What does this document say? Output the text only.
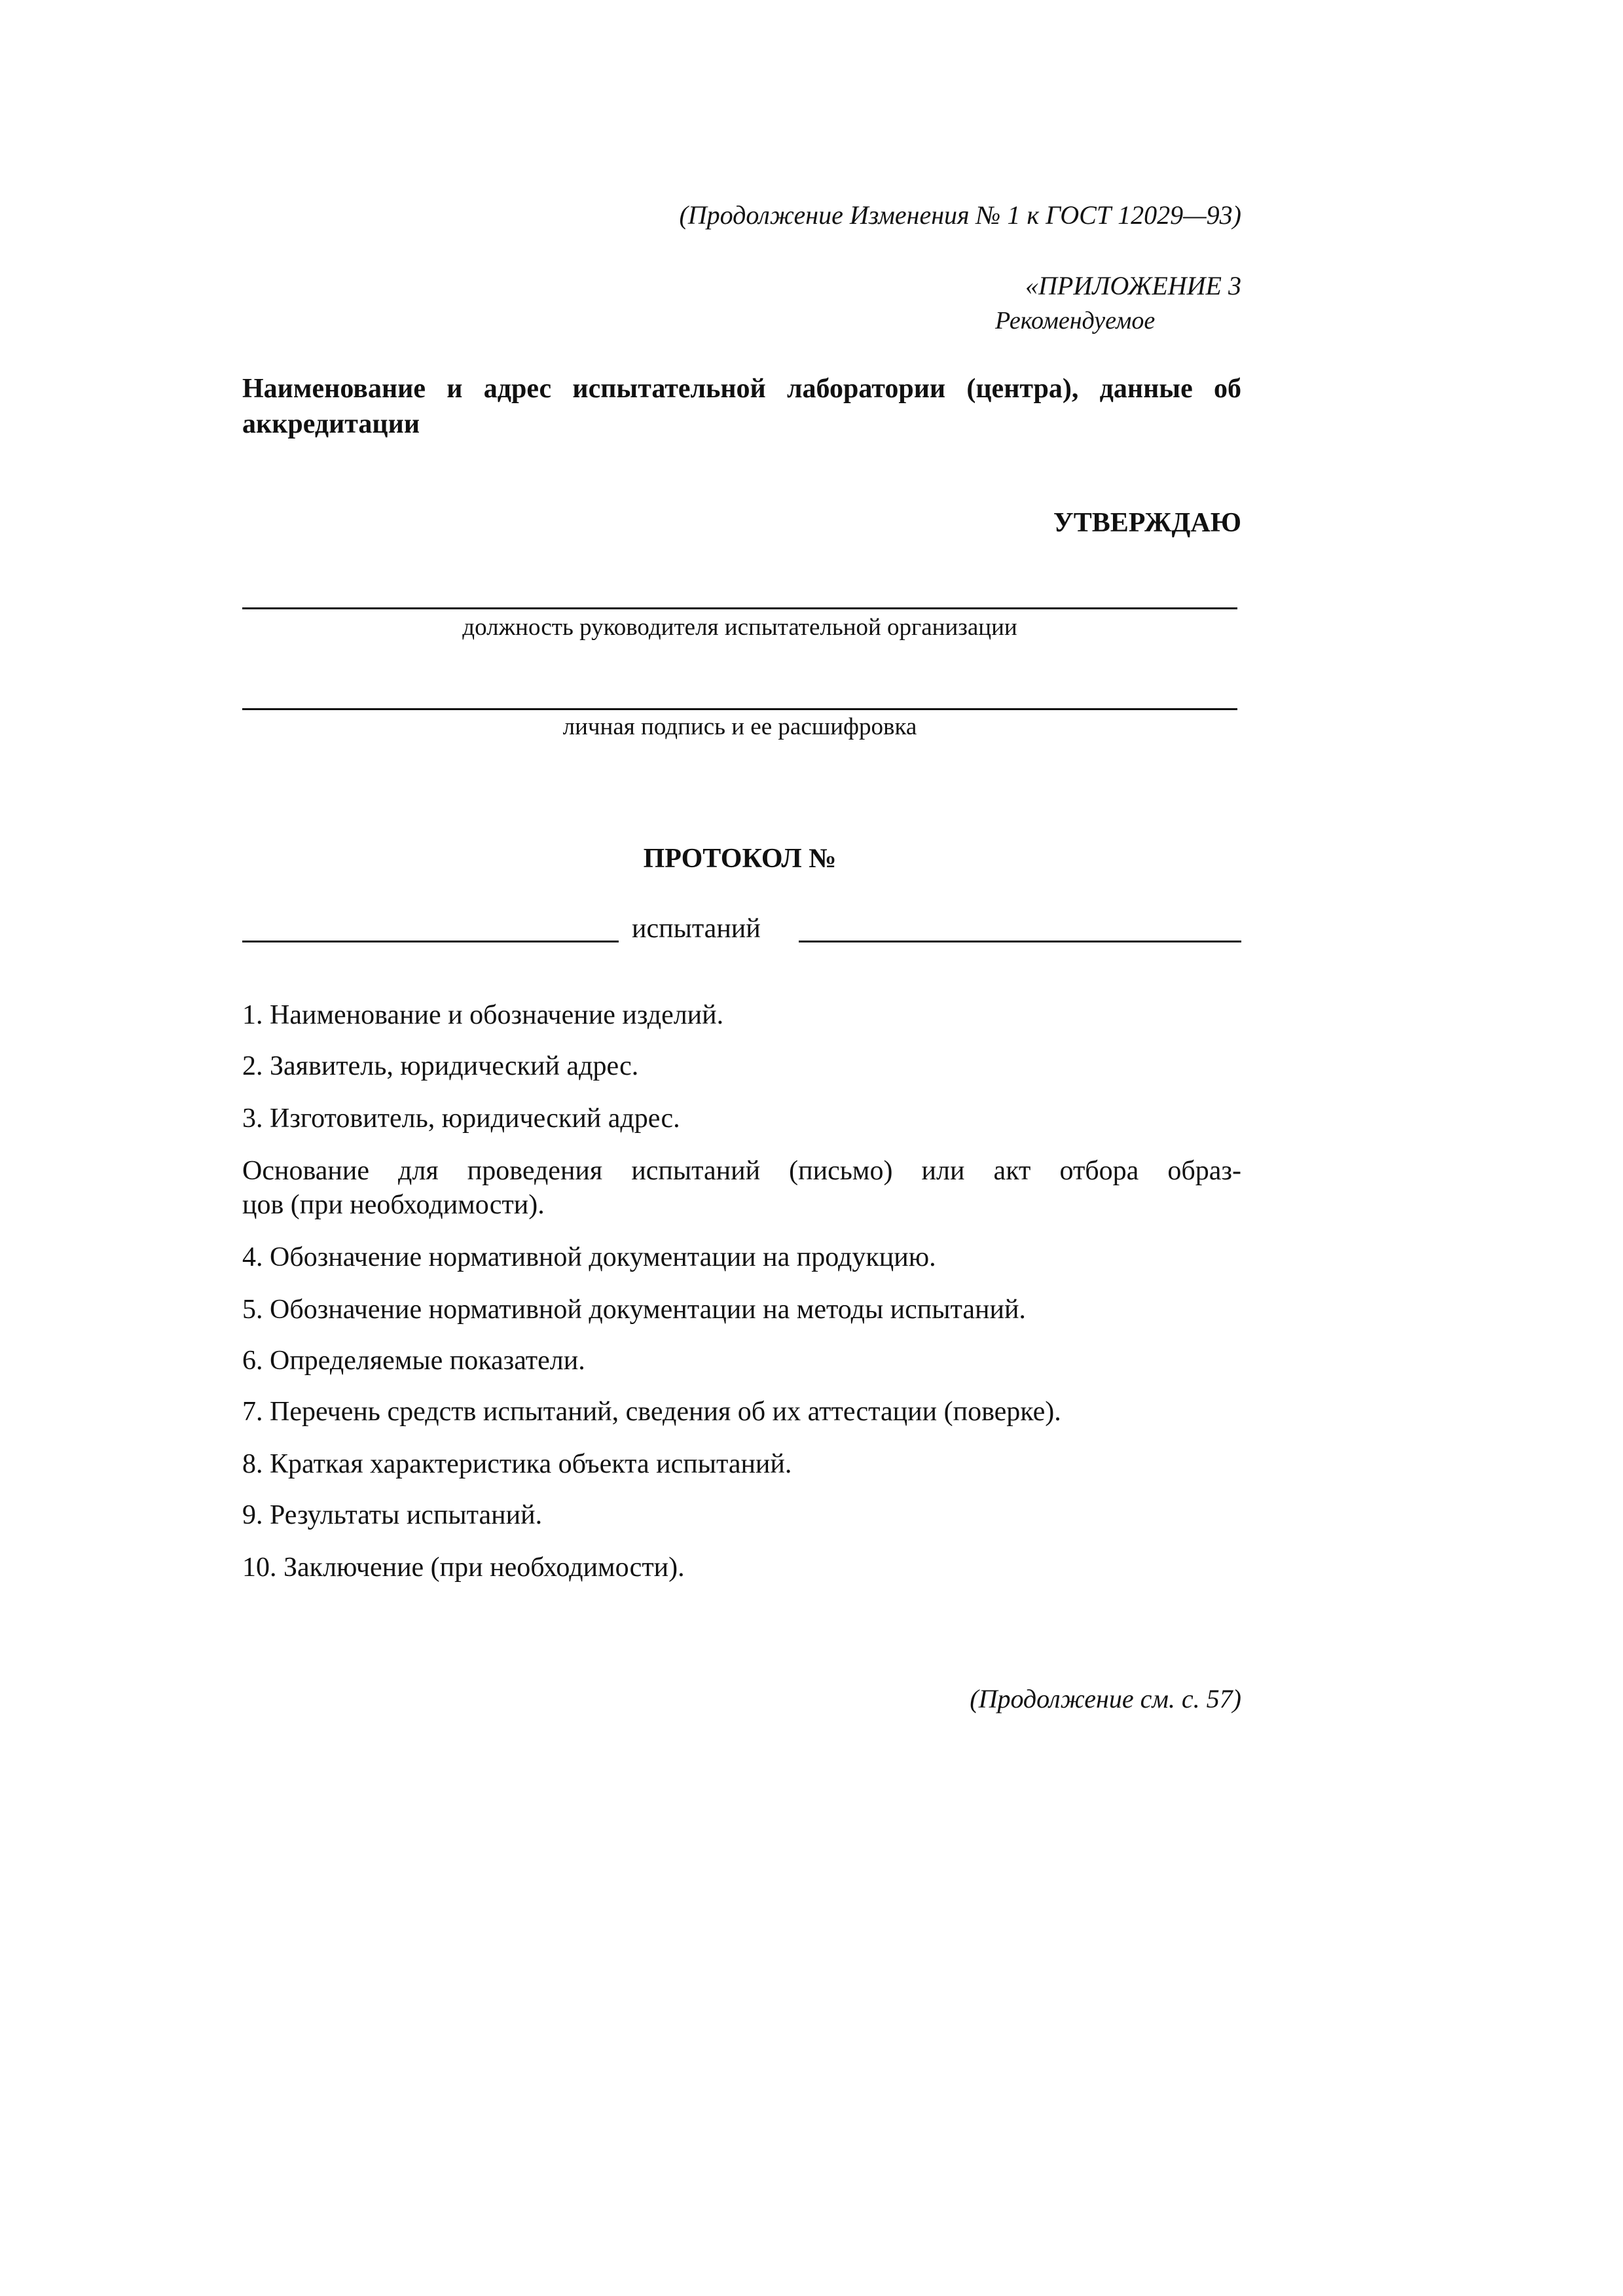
(Продолжение Изменения № 1 к ГОСТ 12029—93)
«ПРИЛОЖЕНИЕ 3
Рекомендуемое
Наименование и адрес испытательной лаборатории (центра), данные об
аккредитации
УТВЕРЖДАЮ
должность руководителя испытательной организации
личная подпись и ее расшифровка
ПРОТОКОЛ №
испытаний
1. Наименование и обозначение изделий.
2. Заявитель, юридический адрес.
3. Изготовитель, юридический адрес.
Основание для проведения испытаний (письмо) или акт отбора образ-
цов (при необходимости).
4. Обозначение нормативной документации на продукцию.
5. Обозначение нормативной документации на методы испытаний.
6. Определяемые показатели.
7. Перечень средств испытаний, сведения об их аттестации (поверке).
8. Краткая характеристика объекта испытаний.
9. Результаты испытаний.
10. Заключение (при необходимости).
(Продолжение см. с. 57)
